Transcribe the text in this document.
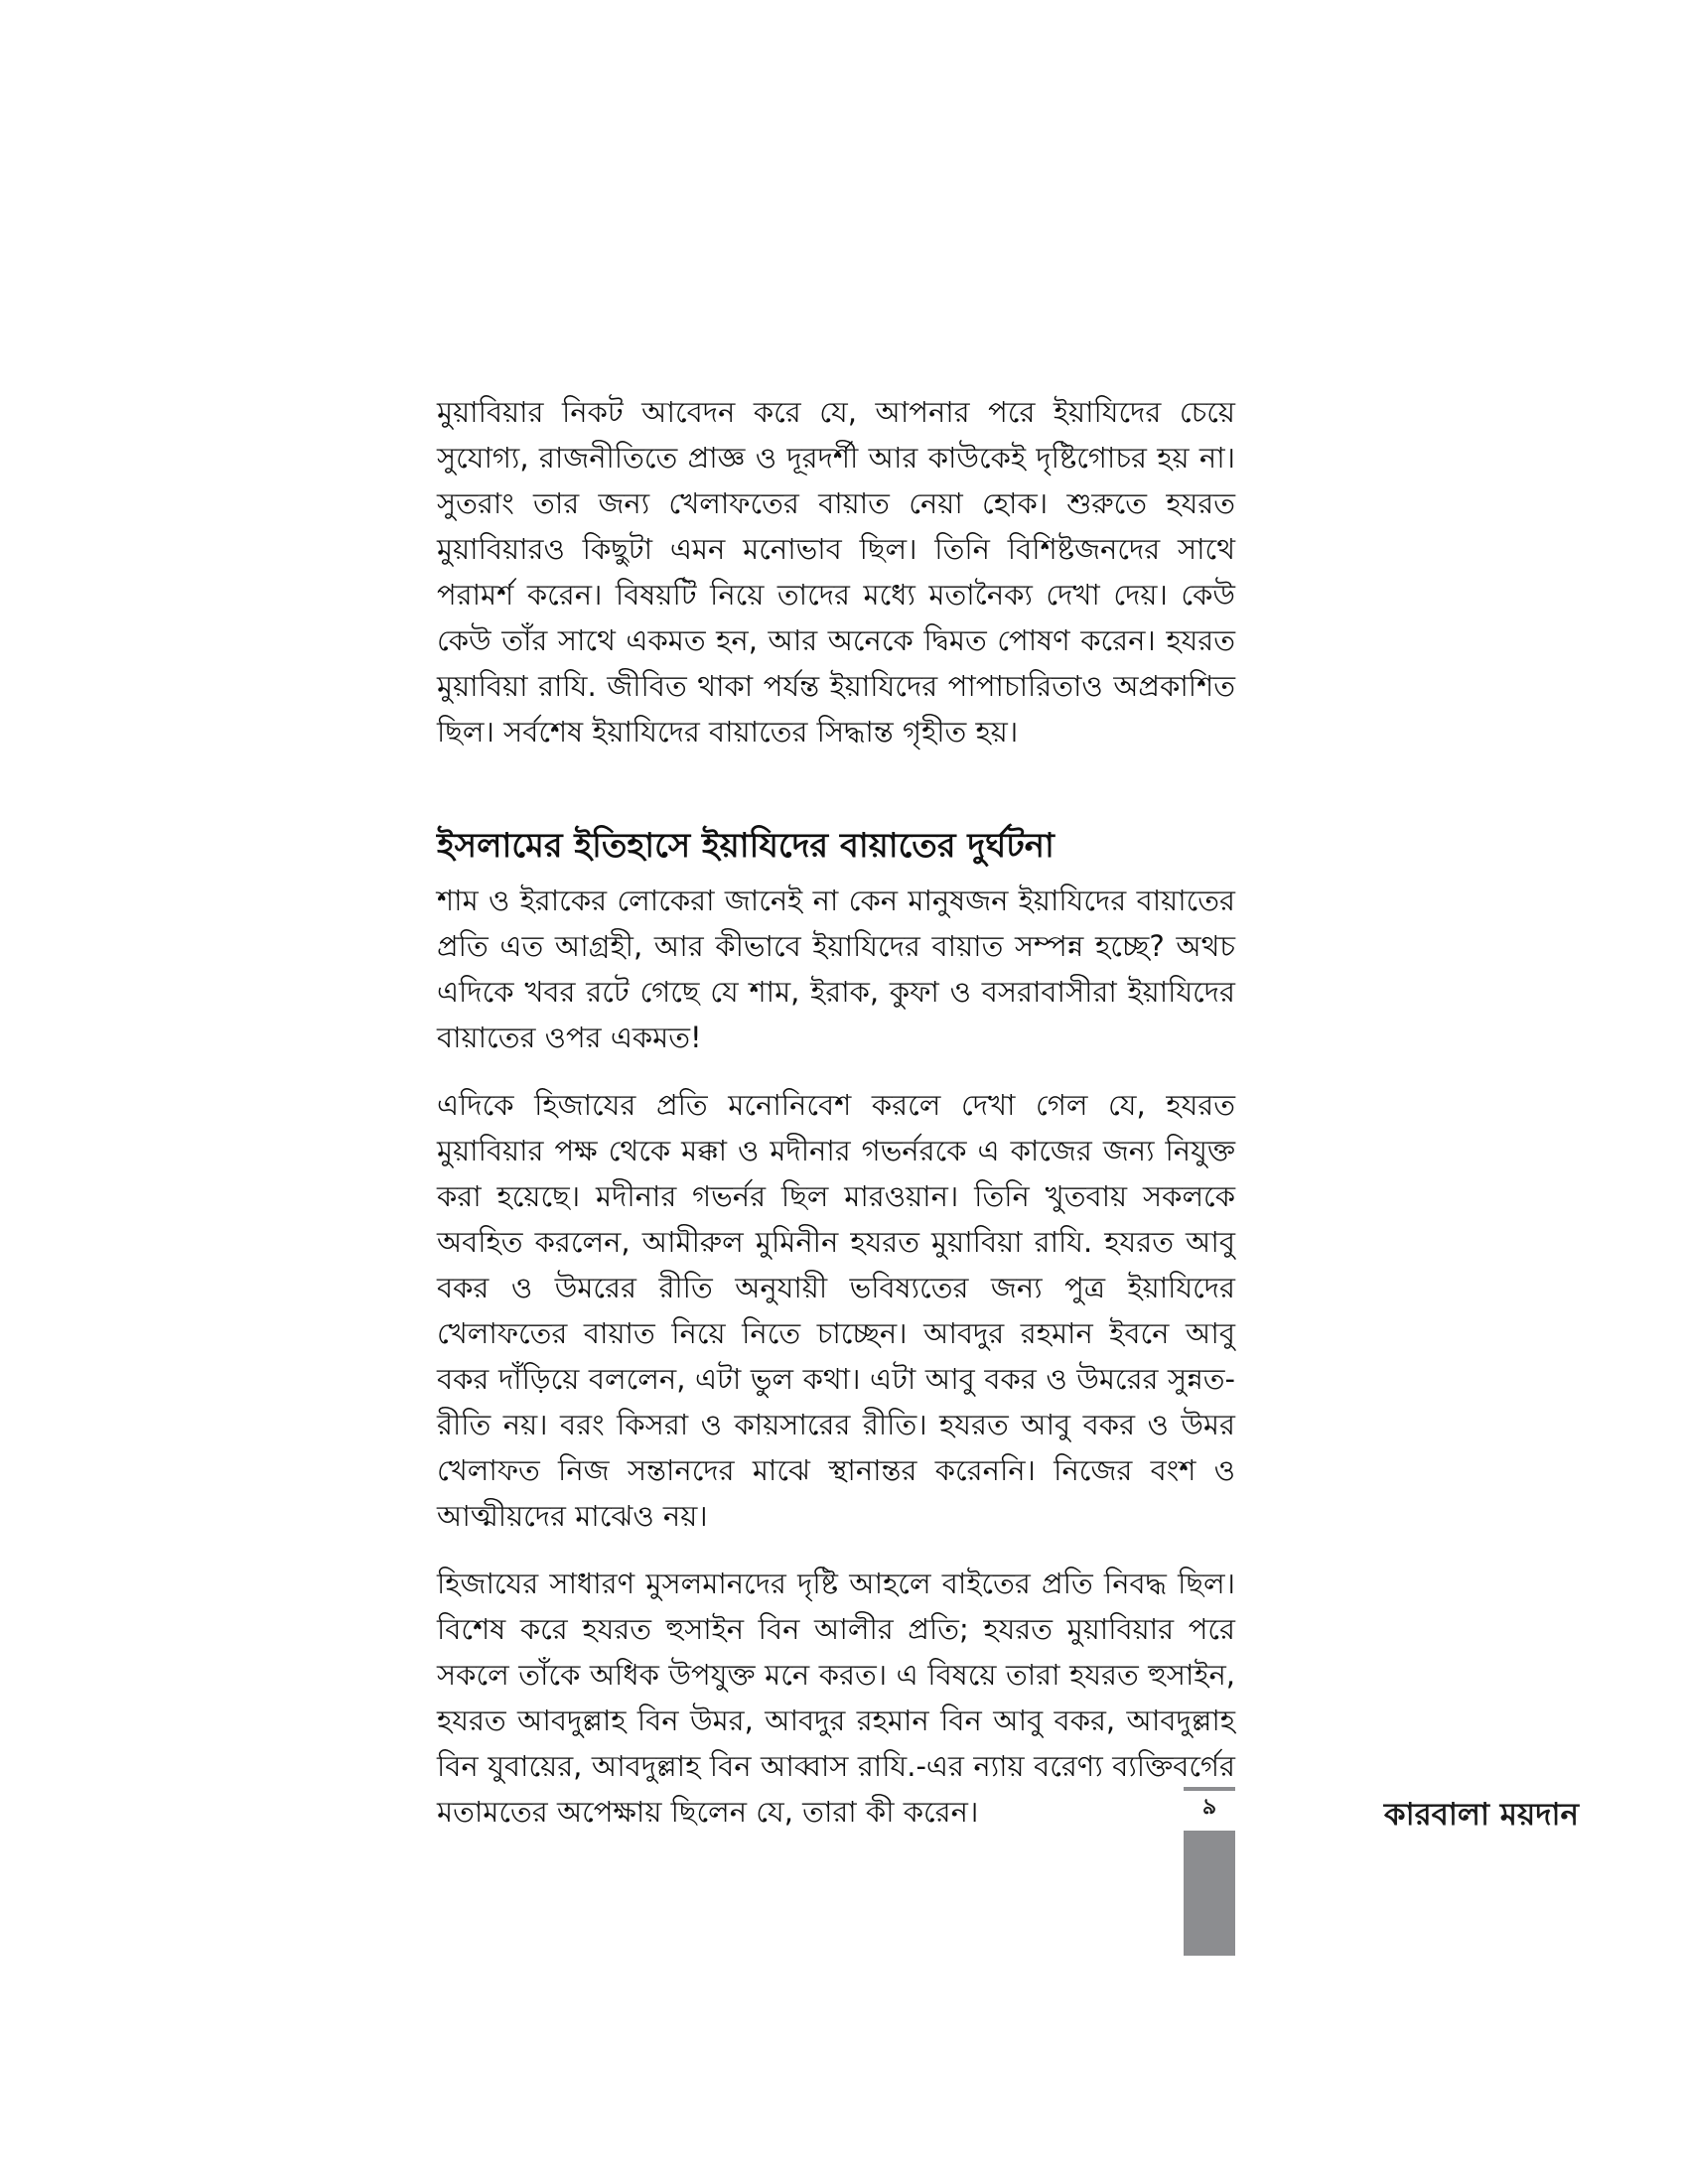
মুয়াবিয়ার নিকট আবেদন করে যে, আপনার পরে ইয়াযিদের চেয়ে সুযোগ্য, রাজনীতিতে প্রাজ্ঞ ও দূরদর্শী আর কাউকেই দৃষ্টিগোচর হয় না। সুতরাং তার জন্য খেলাফতের বায়াত নেয়া হোক। শুরুতে হযরত মুয়াবিয়ারও কিছুটা এমন মনোভাব ছিল। তিনি বিশিষ্টজনদের সাথে পরামর্শ করেন। বিষয়টি নিয়ে তাদের মধ্যে মতানৈক্য দেখা দেয়। কেউ কেউ তাঁর সাথে একমত হন, আর অনেকে দ্বিমত পোষণ করেন। হযরত মুয়াবিয়া রাযি. জীবিত থাকা পর্যন্ত ইয়াযিদের পাপাচারিতাও অপ্রকাশিত ছিল। সর্বশেষ ইয়াযিদের বায়াতের সিদ্ধান্ত গৃহীত হয়।

ইসলামের ইতিহাসে ইয়াযিদের বায়াতের দুর্ঘটনা

শাম ও ইরাকের লোকেরা জানেই না কেন মানুষজন ইয়াযিদের বায়াতের প্রতি এত আগ্রহী, আর কীভাবে ইয়াযিদের বায়াত সম্পন্ন হচ্ছে? অথচ এদিকে খবর রটে গেছে যে শাম, ইরাক, কুফা ও বসরাবাসীরা ইয়াযিদের বায়াতের ওপর একমত!

এদিকে হিজাযের প্রতি মনোনিবেশ করলে দেখা গেল যে, হযরত মুয়াবিয়ার পক্ষ থেকে মক্কা ও মদীনার গভর্নরকে এ কাজের জন্য নিযুক্ত করা হয়েছে। মদীনার গভর্নর ছিল মারওয়ান। তিনি খুতবায় সকলকে অবহিত করলেন, আমীরুল মুমিনীন হযরত মুয়াবিয়া রাযি. হযরত আবু বকর ও উমরের রীতি অনুযায়ী ভবিষ্যতের জন্য পুত্র ইয়াযিদের খেলাফতের বায়াত নিয়ে নিতে চাচ্ছেন। আবদুর রহমান ইবনে আবু বকর দাঁড়িয়ে বললেন, এটা ভুল কথা। এটা আবু বকর ও উমরের সুন্নত-রীতি নয়। বরং কিসরা ও কায়সারের রীতি। হযরত আবু বকর ও উমর খেলাফত নিজ সন্তানদের মাঝে স্থানান্তর করেননি। নিজের বংশ ও আত্মীয়দের মাঝেও নয়।

হিজাযের সাধারণ মুসলমানদের দৃষ্টি আহলে বাইতের প্রতি নিবদ্ধ ছিল। বিশেষ করে হযরত হুসাইন বিন আলীর প্রতি; হযরত মুয়াবিয়ার পরে সকলে তাঁকে অধিক উপযুক্ত মনে করত। এ বিষয়ে তারা হযরত হুসাইন, হযরত আবদুল্লাহ বিন উমর, আবদুর রহমান বিন আবু বকর, আবদুল্লাহ বিন যুবায়ের, আবদুল্লাহ বিন আব্বাস রাযি.-এর ন্যায় বরেণ্য ব্যক্তিবর্গের মতামতের অপেক্ষায় ছিলেন যে, তারা কী করেন।	কারবালা ময়দান
৯
